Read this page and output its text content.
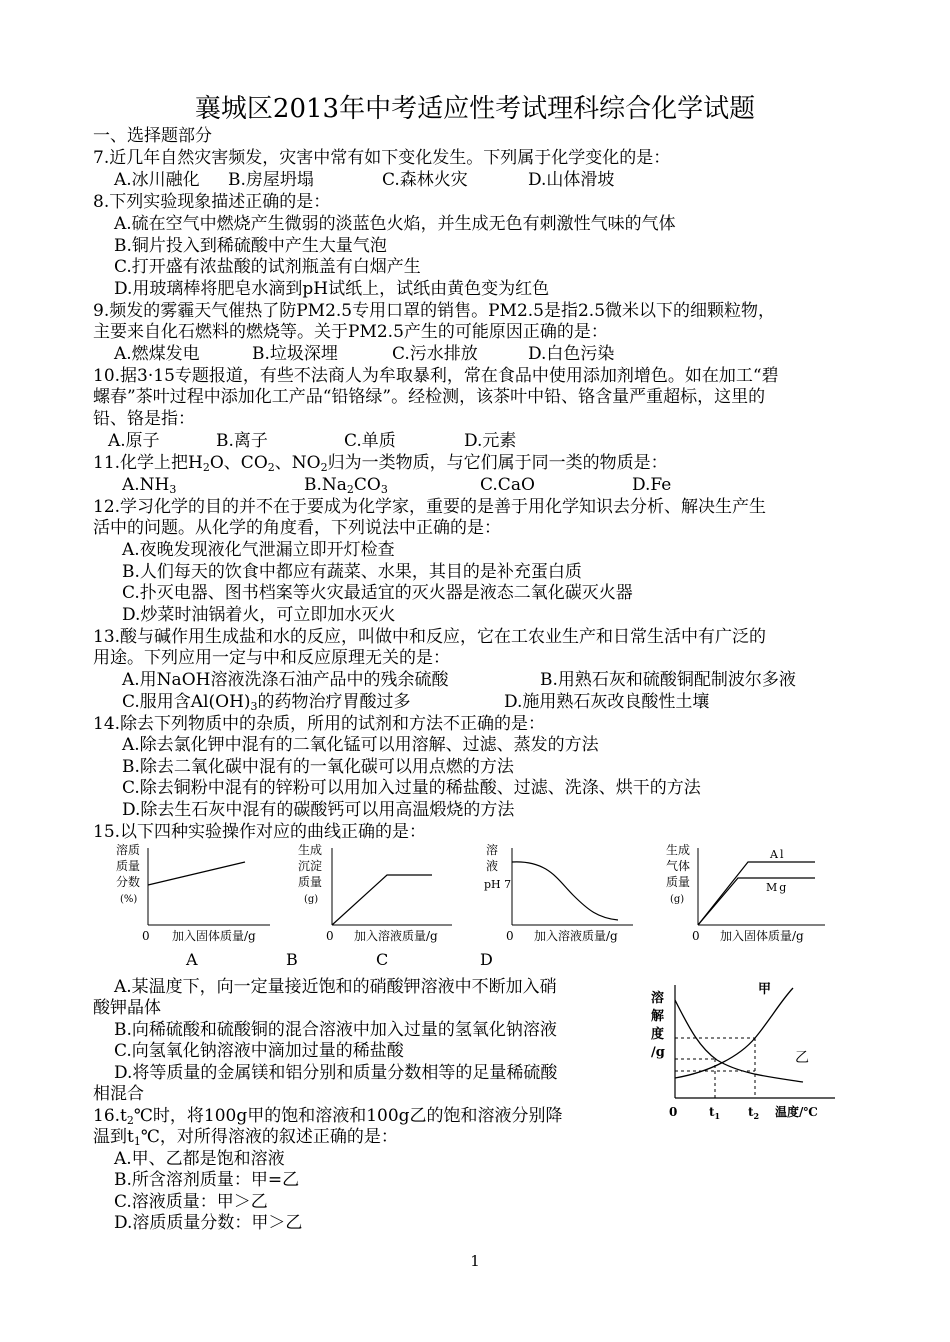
襄城区2013年中考适应性考试理科综合化学试题
一、选择题部分
7.近几年自然灾害频发，灾害中常有如下变化发生。下列属于化学变化的是：
A.冰川融化 B.房屋坍塌	C.森林火灾	D.山体滑坡
8.下列实验现象描述正确的是：
A.硫在空气中燃烧产生微弱的淡蓝色火焰，并生成无色有刺激性气味的气体
B.铜片投入到稀硫酸中产生大量气泡
C.打开盛有浓盐酸的试剂瓶盖有白烟产生
D.用玻璃棒将肥皂水滴到pH试纸上，试纸由黄色变为红色
9.频发的雾霾天气催热了防PM2.5专用口罩的销售。PM2.5是指2.5微米以下的细颗粒物，
主要来自化石燃料的燃烧等。关于PM2.5产生的可能原因正确的是：
A.燃煤发电	B.垃圾深埋	C.污水排放	D.白色污染
10.据3·15专题报道，有些不法商人为牟取暴利，常在食品中使用添加剂增色。如在加工“碧
螺春”茶叶过程中添加化工产品“铅铬绿”。经检测，该茶叶中铅、铬含量严重超标，这里的
铅、铬是指：
A.原子	B.离子	C.单质	D.元素
11.化学上把$H_2O$、$CO_2$、$NO_2$归为一类物质，与它们属于同一类的物质是：
$A.NH_3$	$B.Na_2CO_3$	C.CaO	D.Fe
12.学习化学的目的并不在于要成为化学家，重要的是善于用化学知识去分析、解决生产生
活中的问题。从化学的角度看，下列说法中正确的是：
A.夜晚发现液化气泄漏立即开灯检查
B.人们每天的饮食中都应有蔬菜、水果，其目的是补充蛋白质
C.扑灭电器、图书档案等火灾最适宜的灭火器是液态二氧化碳灭火器
D.炒菜时油锅着火，可立即加水灭火
13.酸与碱作用生成盐和水的反应，叫做中和反应，它在工农业生产和日常生活中有广泛的
用途。下列应用一定与中和反应原理无关的是：
A.用NaOH溶液洗涤石油产品中的残余硫酸	B.用熟石灰和硫酸铜配制波尔多液
C.服用含$Al(OH)_3$的药物治疗胃酸过多	D.施用熟石灰改良酸性土壤
14.除去下列物质中的杂质，所用的试剂和方法不正确的是：
A.除去氯化钾中混有的二氧化锰可以用溶解、过滤、蒸发的方法
B.除去二氧化碳中混有的一氧化碳可以用点燃的方法
C.除去铜粉中混有的锌粉可以用加入过量的稀盐酸、过滤、洗涤、烘干的方法
D.除去生石灰中混有的碳酸钙可以用高温煅烧的方法
15.以下四种实验操作对应的曲线正确的是：
溶质
质量
分数
(%)
0 加入固体质量/g
生成
沉淀
质量
(g)
0 加入溶液质量/g
溶
液
pH 7
0 加入溶液质量/g
生成
气体
质量
(g)
Al
Mg
0 加入固体质量/g
A	B	C	D
A.某温度下，向一定量接近饱和的硝酸钾溶液中不断加入硝
酸钾晶体
B.向稀硫酸和硫酸铜的混合溶液中加入过量的氢氧化钠溶液
C.向氢氧化钠溶液中滴加过量的稀盐酸
D.将等质量的金属镁和铝分别和质量分数相等的足量稀硫酸
相混合
溶
解
度
/g
甲
乙
0	$t_1$ $t_2$ 温度/℃
$16.t_2℃$时，将100g甲的饱和溶液和100g乙的饱和溶液分别降
温到$t_1℃$，对所得溶液的叙述正确的是：
A.甲、乙都是饱和溶液
B.所含溶剂质量：甲=乙
C.溶液质量：甲＞乙
D.溶质质量分数：甲＞乙
1
